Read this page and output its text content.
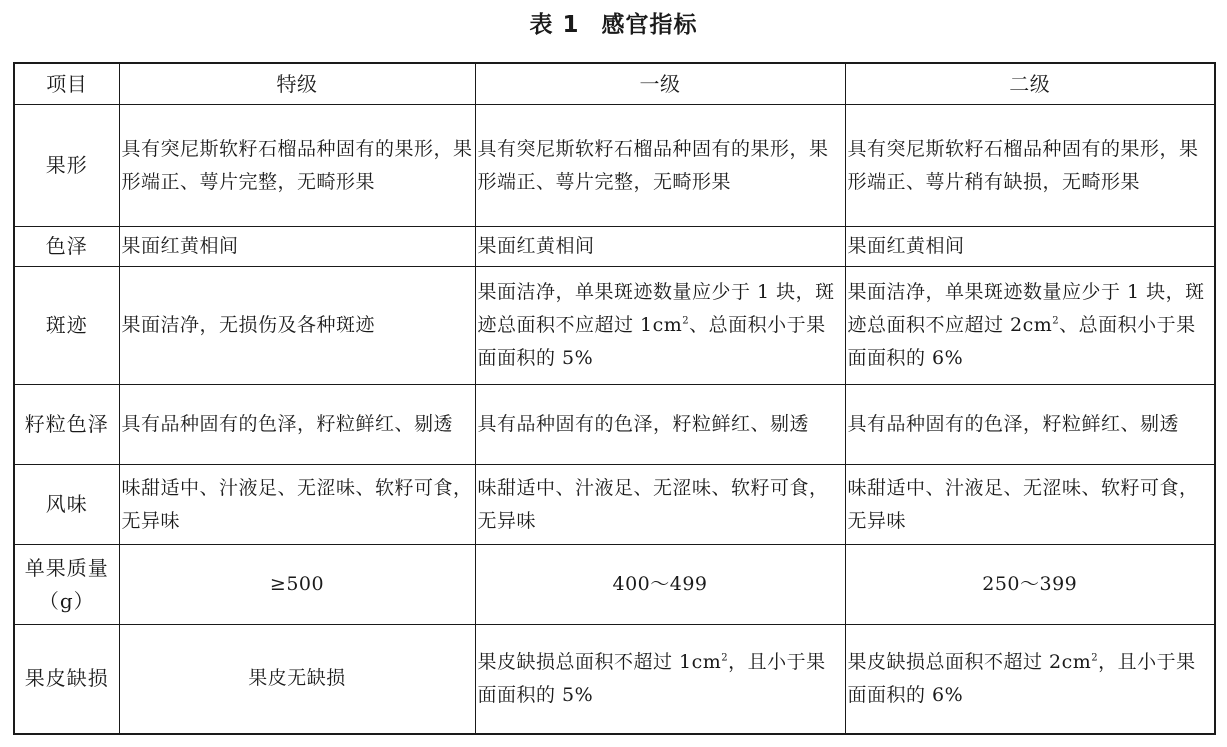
表 1 感官指标
项目	特级	一级	二级
果形	具有突尼斯软籽石榴品种固有的果形，果形端正、萼片完整，无畸形果	具有突尼斯软籽石榴品种固有的果形，果形端正、萼片完整，无畸形果	具有突尼斯软籽石榴品种固有的果形，果形端正、萼片稍有缺损，无畸形果
色泽	果面红黄相间	果面红黄相间	果面红黄相间
斑迹	果面洁净，无损伤及各种斑迹	果面洁净，单果斑迹数量应少于 1 块，斑迹总面积不应超过 $1cm^2$、总面积小于果面面积的 5%	果面洁净，单果斑迹数量应少于 1 块，斑迹总面积不应超过 $2cm^2$、总面积小于果面面积的 6%
籽粒色泽	具有品种固有的色泽，籽粒鲜红、剔透	具有品种固有的色泽，籽粒鲜红、剔透	具有品种固有的色泽，籽粒鲜红、剔透
风味	味甜适中、汁液足、无涩味、软籽可食，无异味	味甜适中、汁液足、无涩味、软籽可食，无异味	味甜适中、汁液足、无涩味、软籽可食，无异味
单果质量（g）	≥500	400～499	250～399
果皮缺损	果皮无缺损	果皮缺损总面积不超过 $1cm^2$，且小于果面面积的 5%	果皮缺损总面积不超过 $2cm^2$，且小于果面面积的 6%
